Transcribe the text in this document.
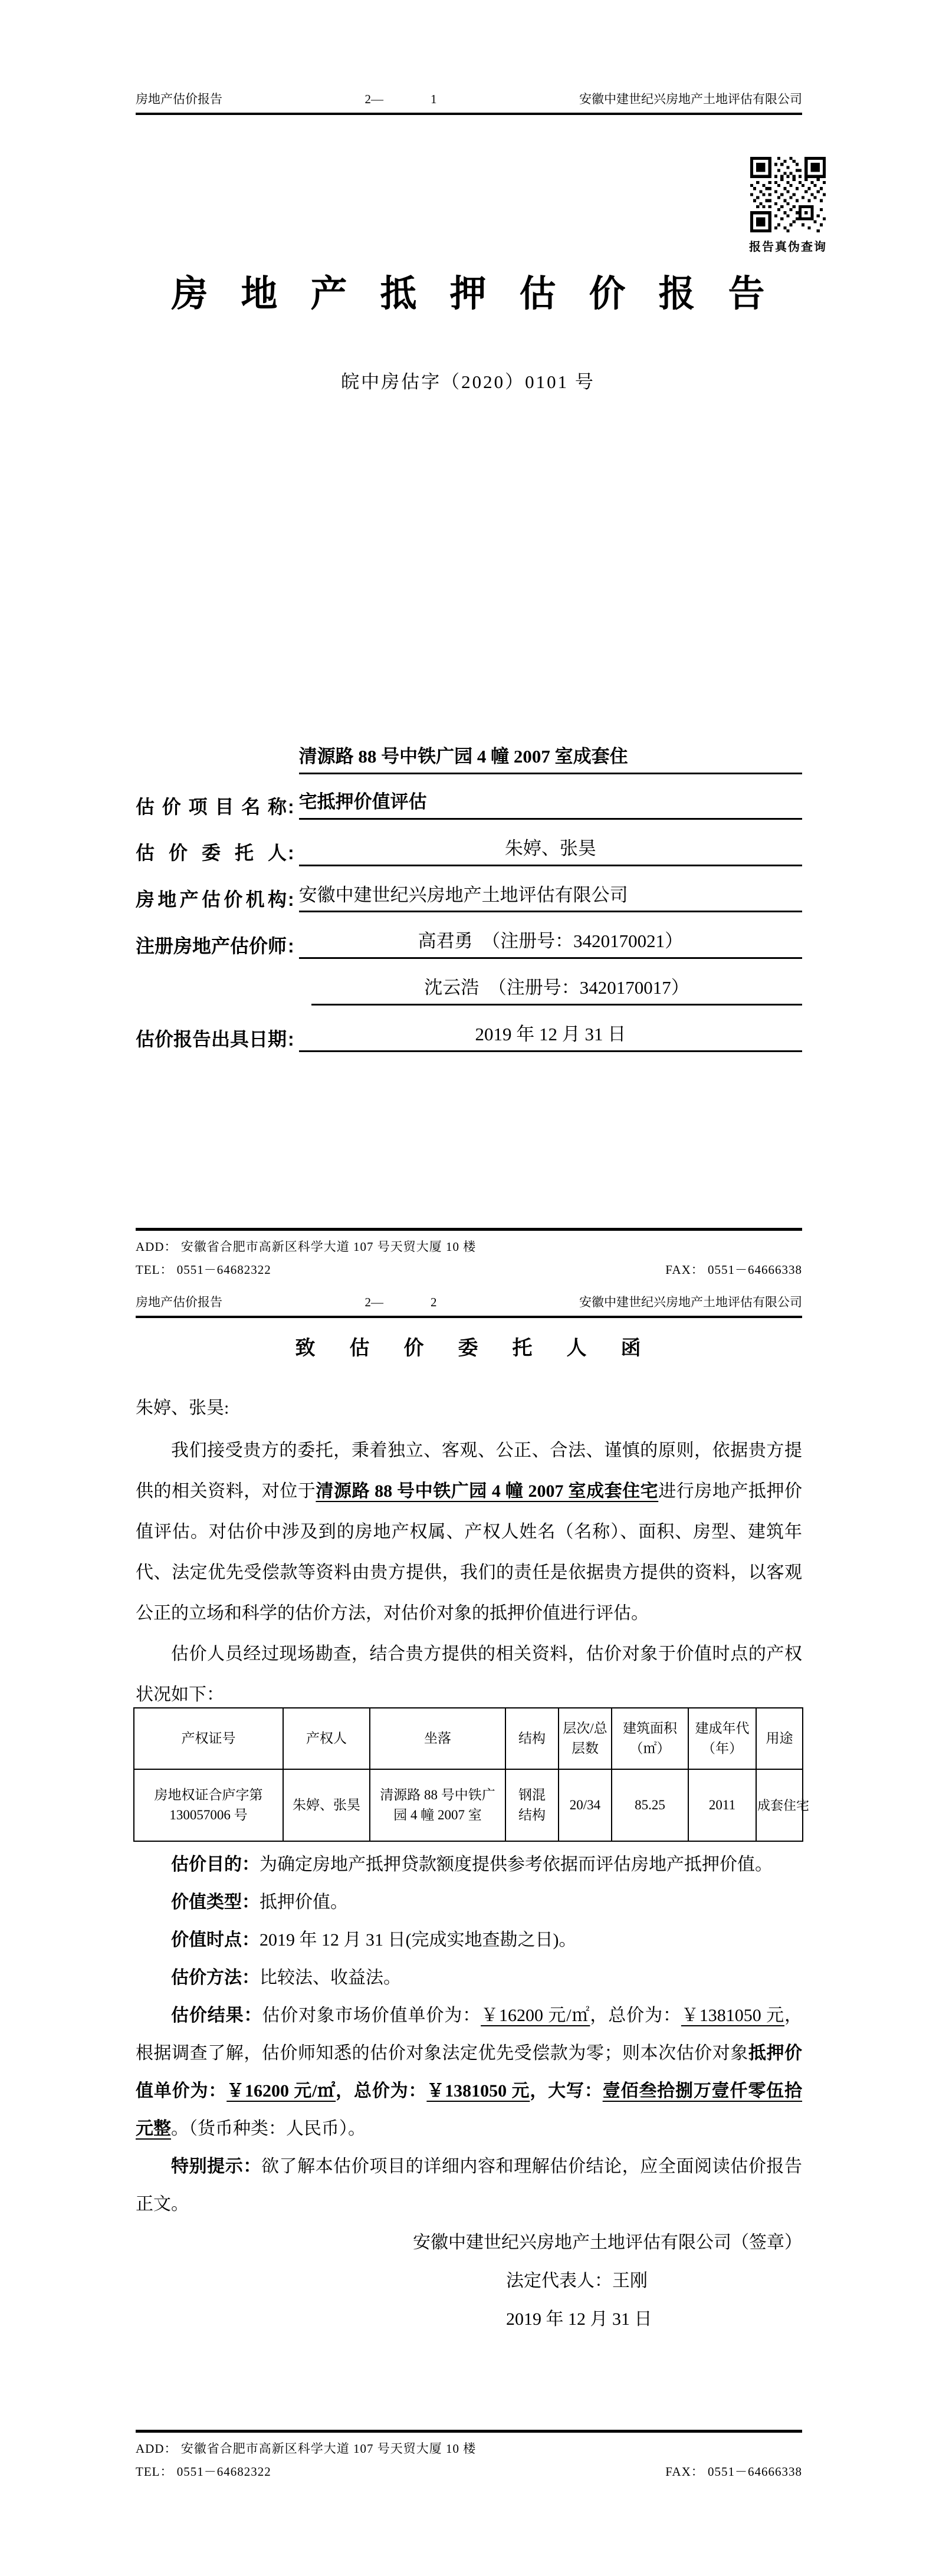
房地产估价报告	2—	1	安徽中建世纪兴房地产土地评估有限公司
报告真伪查询
房地产抵押估价报告
皖中房估字（2020）0101 号
估价项目名称 :
清源路 88 号中铁广园 4 幢 2007 室成套住
宅抵押价值评估
估价委托人 :	朱婷、张昊
房地产估价机构 : 安徽中建世纪兴房地产土地评估有限公司
注册房地产估价师 :	高君勇　（注册号：3420170021）
沈云浩　（注册号：3420170017）
估价报告出具日期 :	2019 年 12 月 31 日
ADD： 安徽省合肥市高新区科学大道 107 号天贸大厦 10 楼
TEL： 0551－64682322	FAX： 0551－64666338
房地产估价报告	2—	2	安徽中建世纪兴房地产土地评估有限公司
致估价委托人函
朱婷、张昊:

我们接受贵方的委托，秉着独立、客观、公正、合法、谨慎的原则，依据贵方提供的相关资料，对位于清源路 88 号中铁广园 4 幢 2007 室成套住宅进行房地产抵押价值评估。对估价中涉及到的房地产权属、产权人姓名（名称）、面积、房型、建筑年代、法定优先受偿款等资料由贵方提供，我们的责任是依据贵方提供的资料，以客观公正的立场和科学的估价方法，对估价对象的抵押价值进行评估。

估价人员经过现场勘查，结合贵方提供的相关资料，估价对象于价值时点的产权状况如下：

产权证号	产权人	坐落	结构	层次/总层数	建筑面积（㎡）	建成年代（年）	用途
房地权证合庐字第 130057006 号	朱婷、张昊	清源路 88 号中铁广园 4 幢 2007 室	钢混结构	20/34	85.25	2011	成套住宅

估价目的：为确定房地产抵押贷款额度提供参考依据而评估房地产抵押价值。

价值类型：抵押价值。

价值时点：2019 年 12 月 31 日(完成实地查勘之日)。

估价方法：比较法、收益法。

估价结果：估价对象市场价值单价为：￥16200 元/㎡，总价为：￥1381050 元，根据调查了解，估价师知悉的估价对象法定优先受偿款为零；则本次估价对象抵押价值单价为：￥16200 元/㎡，总价为：￥1381050 元，大写：壹佰叁拾捌万壹仟零伍拾元整。（货币种类：人民币）。

特别提示：欲了解本估价项目的详细内容和理解估价结论，应全面阅读估价报告正文。

安徽中建世纪兴房地产土地评估有限公司（签章）
法定代表人：王刚
2019 年 12 月 31 日
ADD： 安徽省合肥市高新区科学大道 107 号天贸大厦 10 楼
TEL： 0551－64682322	FAX： 0551－64666338
